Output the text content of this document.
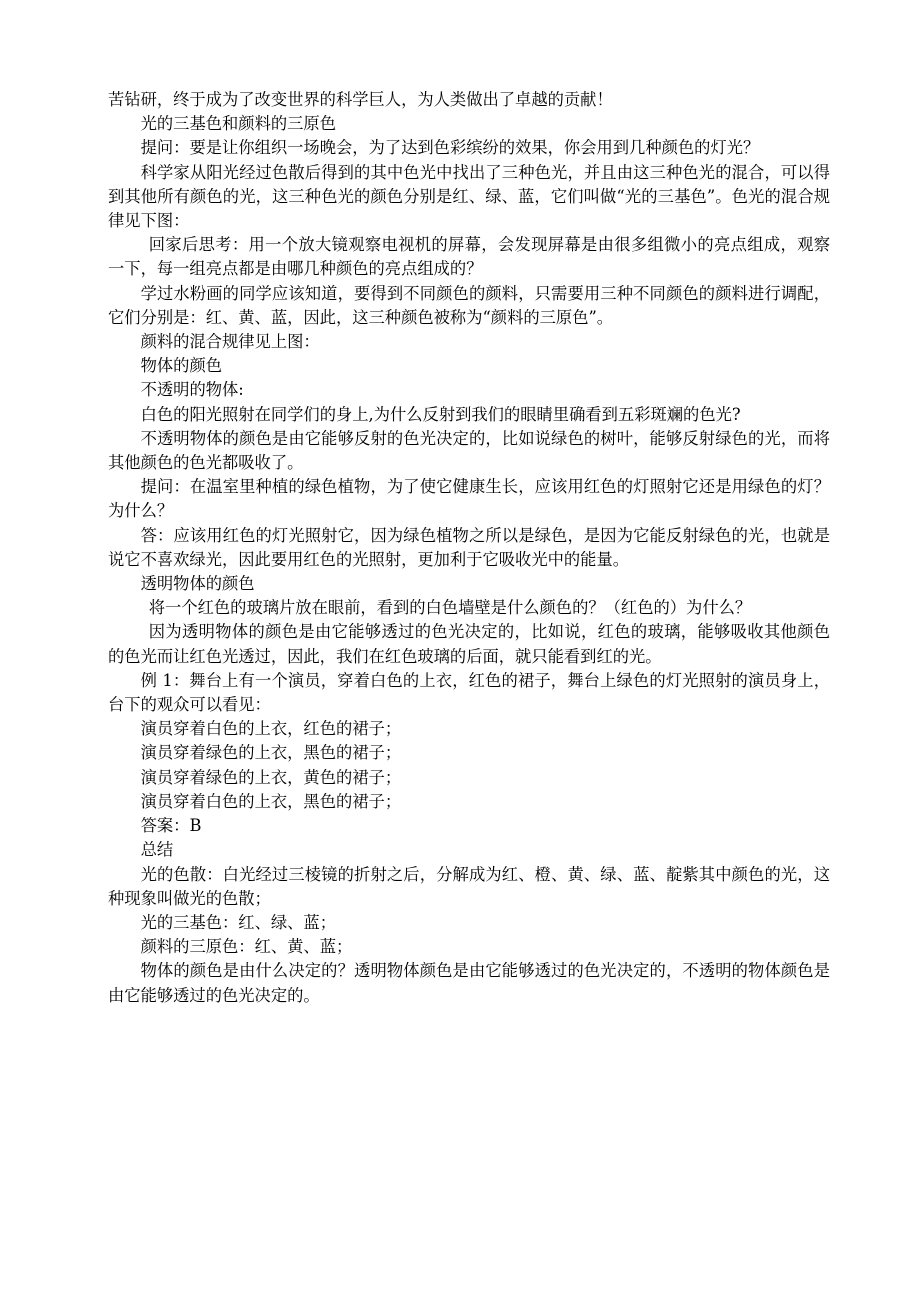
苦钻研，终于成为了改变世界的科学巨人，为人类做出了卓越的贡献！

光的三基色和颜料的三原色

提问：要是让你组织一场晚会，为了达到色彩缤纷的效果，你会用到几种颜色的灯光？

科学家从阳光经过色散后得到的其中色光中找出了三种色光，并且由这三种色光的混合，可以得到其他所有颜色的光，这三种色光的颜色分别是红、绿、蓝，它们叫做“光的三基色”。色光的混合规律见下图：

回家后思考：用一个放大镜观察电视机的屏幕，会发现屏幕是由很多组微小的亮点组成，观察一下，每一组亮点都是由哪几种颜色的亮点组成的？

学过水粉画的同学应该知道，要得到不同颜色的颜料，只需要用三种不同颜色的颜料进行调配，它们分别是：红、黄、蓝，因此，这三种颜色被称为“颜料的三原色”。

颜料的混合规律见上图：

物体的颜色

不透明的物体:

白色的阳光照射在同学们的身上,为什么反射到我们的眼睛里确看到五彩斑斓的色光?

不透明物体的颜色是由它能够反射的色光决定的，比如说绿色的树叶，能够反射绿色的光，而将其他颜色的色光都吸收了。

提问：在温室里种植的绿色植物，为了使它健康生长，应该用红色的灯照射它还是用绿色的灯？为什么？

答：应该用红色的灯光照射它，因为绿色植物之所以是绿色，是因为它能反射绿色的光，也就是说它不喜欢绿光，因此要用红色的光照射，更加利于它吸收光中的能量。

透明物体的颜色

将一个红色的玻璃片放在眼前，看到的白色墙壁是什么颜色的？（红色的）为什么？

因为透明物体的颜色是由它能够透过的色光决定的，比如说，红色的玻璃，能够吸收其他颜色的色光而让红色光透过，因此，我们在红色玻璃的后面，就只能看到红的光。

例 1：舞台上有一个演员，穿着白色的上衣，红色的裙子，舞台上绿色的灯光照射的演员身上，台下的观众可以看见：

演员穿着白色的上衣，红色的裙子；

演员穿着绿色的上衣，黑色的裙子；

演员穿着绿色的上衣，黄色的裙子；

演员穿着白色的上衣，黑色的裙子；

答案：B

总结

光的色散：白光经过三棱镜的折射之后，分解成为红、橙、黄、绿、蓝、靛紫其中颜色的光，这种现象叫做光的色散；

光的三基色：红、绿、蓝；

颜料的三原色：红、黄、蓝；

物体的颜色是由什么决定的？透明物体颜色是由它能够透过的色光决定的，不透明的物体颜色是由它能够透过的色光决定的。
